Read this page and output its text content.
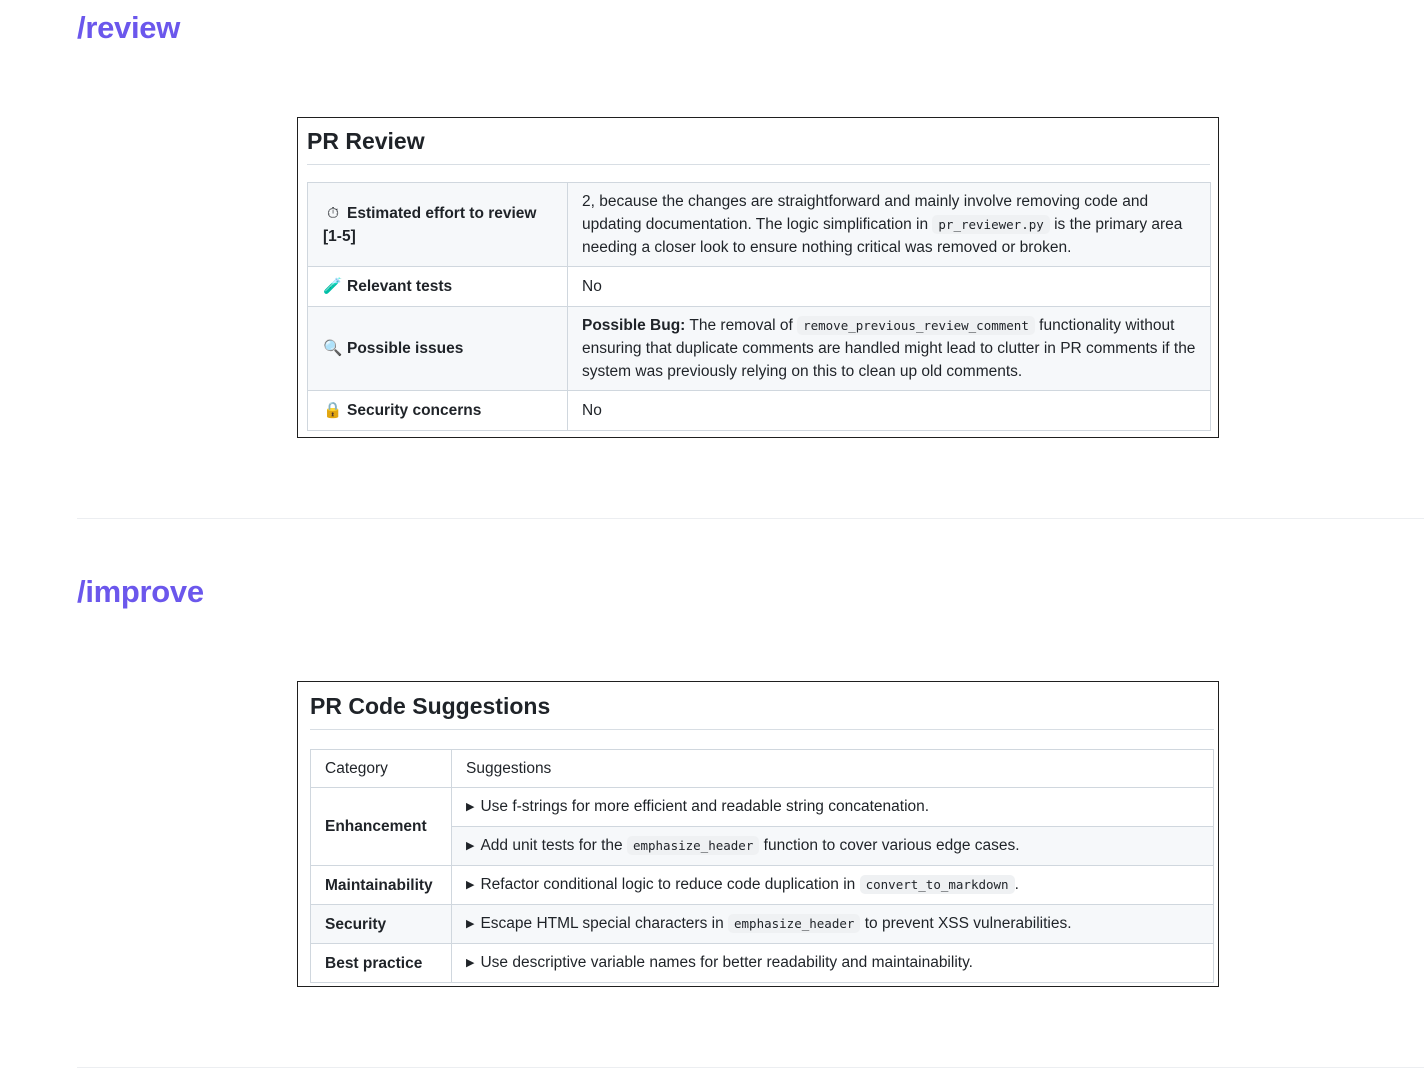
/review
PR Review
⏱ Estimated effort to review
[1-5]	2, because the changes are straightforward and mainly involve removing code and updating documentation. The logic simplification in pr_reviewer.py is the primary area needing a closer look to ensure nothing critical was removed or broken.
🧪 Relevant tests	No
🔍 Possible issues	Possible Bug: The removal of remove_previous_review_comment functionality without ensuring that duplicate comments are handled might lead to clutter in PR comments if the system was previously relying on this to clean up old comments.
🔒 Security concerns	No
/improve
PR Code Suggestions
Category	Suggestions
Enhancement	▶ Use f-strings for more efficient and readable string concatenation.
	▶ Add unit tests for the emphasize_header function to cover various edge cases.
Maintainability	▶ Refactor conditional logic to reduce code duplication in convert_to_markdown .
Security	▶ Escape HTML special characters in emphasize_header to prevent XSS vulnerabilities.
Best practice	▶ Use descriptive variable names for better readability and maintainability.
